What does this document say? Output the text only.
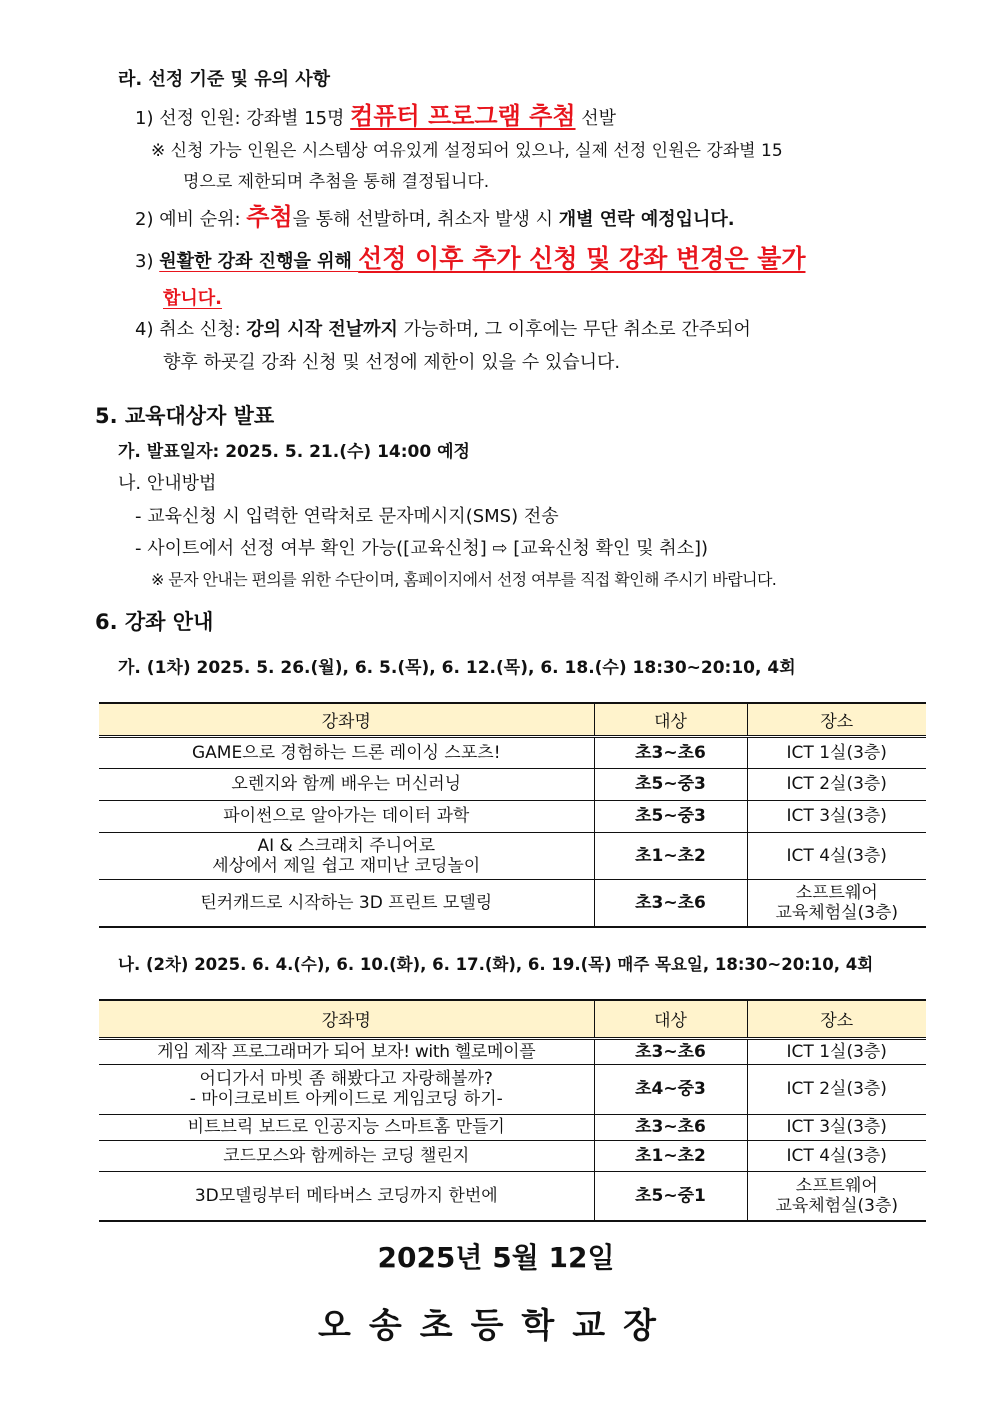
라. 선정 기준 및 유의 사항
1) 선정 인원: 강좌별 15명 컴퓨터 프로그램 추첨 선발
※ 신청 가능 인원은 시스템상 여유있게 설정되어 있으나, 실제 선정 인원은 강좌별 15
명으로 제한되며 추첨을 통해 결정됩니다.
2) 예비 순위: 추첨을 통해 선발하며, 취소자 발생 시 개별 연락 예정입니다.
3) 원활한 강좌 진행을 위해 선정 이후 추가 신청 및 강좌 변경은 불가
합니다.
4) 취소 신청: 강의 시작 전날까지 가능하며, 그 이후에는 무단 취소로 간주되어
향후 하굣길 강좌 신청 및 선정에 제한이 있을 수 있습니다.
5. 교육대상자 발표
가. 발표일자: 2025. 5. 21.(수) 14:00 예정
나. 안내방법
- 교육신청 시 입력한 연락처로 문자메시지(SMS) 전송
- 사이트에서 선정 여부 확인 가능([교육신청] ⇨ [교육신청 확인 및 취소])
※ 문자 안내는 편의를 위한 수단이며, 홈페이지에서 선정 여부를 직접 확인해 주시기 바랍니다.
6. 강좌 안내
가. (1차) 2025. 5. 26.(월), 6. 5.(목), 6. 12.(목), 6. 18.(수) 18:30~20:10, 4회
강좌명	대상	장소
GAME으로 경험하는 드론 레이싱 스포츠!	초3~초6	ICT 1실(3층)
오렌지와 함께 배우는 머신러닝	초5~중3	ICT 2실(3층)
파이썬으로 알아가는 데이터 과학	초5~중3	ICT 3실(3층)

AI & 스크래치 주니어로
세상에서 제일 쉽고 재미난 코딩놀이	초1~초2	ICT 4실(3층)
틴커캐드로 시작하는 3D 프린트 모델링	초3~초6	소프트웨어
교육체험실(3층)
나. (2차) 2025. 6. 4.(수), 6. 10.(화), 6. 17.(화), 6. 19.(목) 매주 목요일, 18:30~20:10, 4회
강좌명	대상	장소
게임 제작 프로그래머가 되어 보자! with 헬로메이플	초3~초6	ICT 1실(3층)

어디가서 마빗 좀 해봤다고 자랑해볼까?
- 마이크로비트 아케이드로 게임코딩 하기-	초4~중3	ICT 2실(3층)
비트브릭 보드로 인공지능 스마트홈 만들기	초3~초6	ICT 3실(3층)
코드모스와 함께하는 코딩 챌린지	초1~초2	ICT 4실(3층)
3D모델링부터 메타버스 코딩까지 한번에	초5~중1	소프트웨어
교육체험실(3층)
2025년 5월 12일
오송초등학교장
